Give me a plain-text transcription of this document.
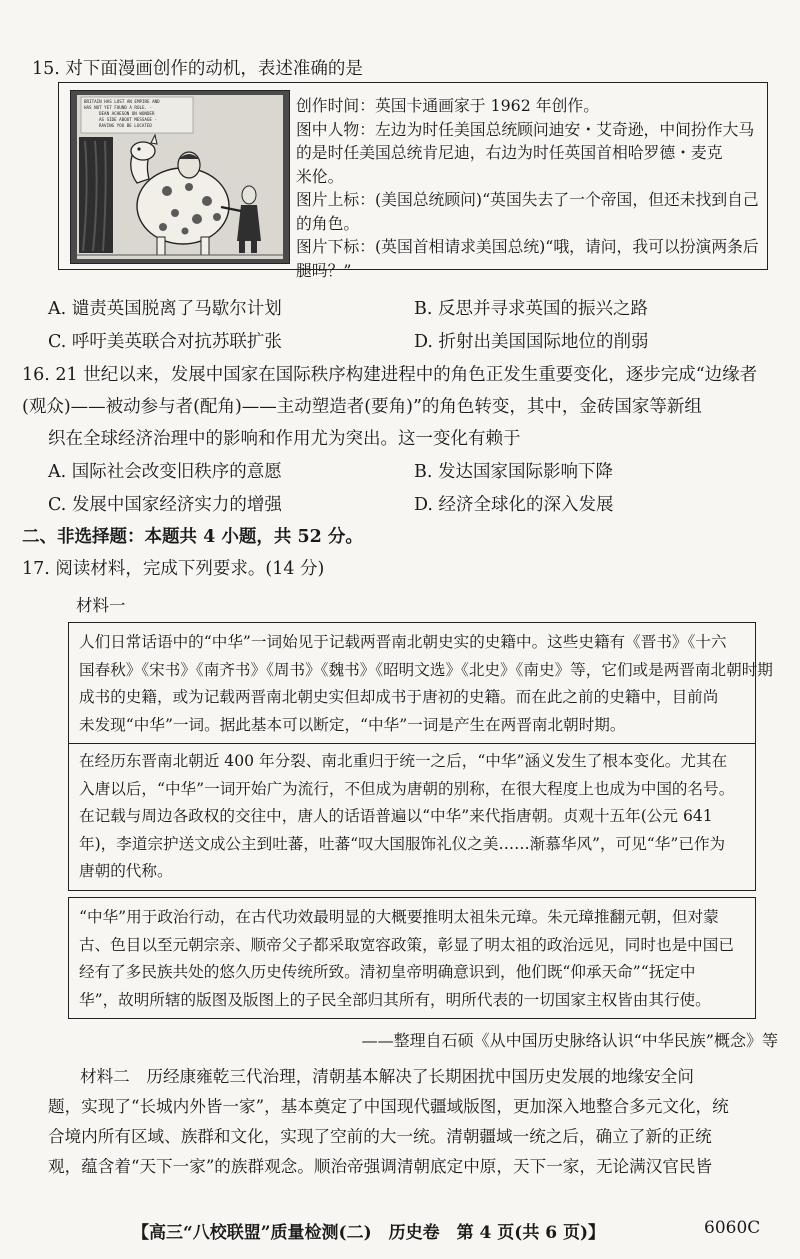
15. 对下面漫画创作的动机，表述准确的是
BRITAIN HAS LOST AN EMPIRE AND
HAS NOT YET FOUND A ROLE. -
DEAN ACHESON ON WONDER
AS SIDE ABOUT MESSAGE -
RAVING YOU BE LOCATED
创作时间：英国卡通画家于 1962 年创作。
图中人物：左边为时任美国总统顾问迪安・艾奇逊，中间扮作大马
的是时任美国总统肯尼迪，右边为时任英国首相哈罗德・麦克
米伦。
图片上标：(美国总统顾问)“英国失去了一个帝国，但还未找到自己
的角色。
图片下标：(英国首相请求美国总统)“哦，请问，我可以扮演两条后
腿吗？”
A. 谴责英国脱离了马歇尔计划	B. 反思并寻求英国的振兴之路
C. 呼吁美英联合对抗苏联扩张	D. 折射出美国国际地位的削弱
16. 21 世纪以来，发展中国家在国际秩序构建进程中的角色正发生重要变化，逐步完成“边缘者
(观众)——被动参与者(配角)——主动塑造者(要角)”的角色转变，其中，金砖国家等新组
织在全球经济治理中的影响和作用尤为突出。这一变化有赖于
A. 国际社会改变旧秩序的意愿	B. 发达国家国际影响下降
C. 发展中国家经济实力的增强	D. 经济全球化的深入发展
二、非选择题：本题共 4 小题，共 52 分。
17. 阅读材料，完成下列要求。(14 分)
材料一

人们日常话语中的“中华”一词始见于记载两晋南北朝史实的史籍中。这些史籍有《晋书》《十六

国春秋》《宋书》《南齐书》《周书》《魏书》《昭明文选》《北史》《南史》等，它们或是两晋南北朝时期

成书的史籍，或为记载两晋南北朝史实但却成书于唐初的史籍。而在此之前的史籍中，目前尚

未发现“中华”一词。据此基本可以断定，“中华”一词是产生在两晋南北朝时期。

在经历东晋南北朝近 400 年分裂、南北重归于统一之后，“中华”涵义发生了根本变化。尤其在

入唐以后，“中华”一词开始广为流行，不但成为唐朝的别称，在很大程度上也成为中国的名号。

在记载与周边各政权的交往中，唐人的话语普遍以“中华”来代指唐朝。贞观十五年(公元 641

年)，李道宗护送文成公主到吐蕃，吐蕃“叹大国服饰礼仪之美……渐慕华风”，可见“华”已作为

唐朝的代称。

“中华”用于政治行动，在古代功效最明显的大概要推明太祖朱元璋。朱元璋推翻元朝，但对蒙

古、色目以至元朝宗亲、顺帝父子都采取宽容政策，彰显了明太祖的政治远见，同时也是中国已

经有了多民族共处的悠久历史传统所致。清初皇帝明确意识到，他们既“仰承天命”“抚定中

华”，故明所辖的版图及版图上的子民全部归其所有，明所代表的一切国家主权皆由其行使。

——整理自石硕《从中国历史脉络认识“中华民族”概念》等
材料二　历经康雍乾三代治理，清朝基本解决了长期困扰中国历史发展的地缘安全问
题，实现了“长城内外皆一家”，基本奠定了中国现代疆域版图，更加深入地整合多元文化，统
合境内所有区域、族群和文化，实现了空前的大一统。清朝疆域一统之后，确立了新的正统
观，蕴含着“天下一家”的族群观念。顺治帝强调清朝底定中原，天下一家，无论满汉官民皆
【高三“八校联盟”质量检测(二)　历史卷　第 4 页(共 6 页)】	6060C
